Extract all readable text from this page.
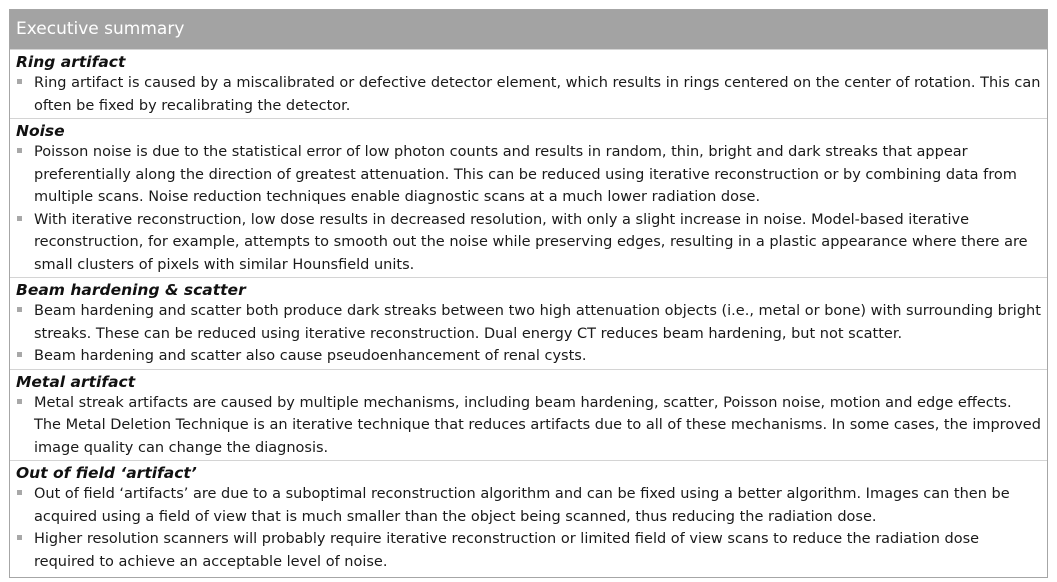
Executive summary
Ring artifact
Ring artifact is caused by a miscalibrated or defective detector element, which results in rings centered on the center of rotation. This can often be fixed by recalibrating the detector.
Noise
Poisson noise is due to the statistical error of low photon counts and results in random, thin, bright and dark streaks that appear preferentially along the direction of greatest attenuation. This can be reduced using iterative reconstruction or by combining data from multiple scans. Noise reduction techniques enable diagnostic scans at a much lower radiation dose.
With iterative reconstruction, low dose results in decreased resolution, with only a slight increase in noise. Model-based iterative reconstruction, for example, attempts to smooth out the noise while preserving edges, resulting in a plastic appearance where there are small clusters of pixels with similar Hounsfield units.
Beam hardening & scatter
Beam hardening and scatter both produce dark streaks between two high attenuation objects (i.e., metal or bone) with surrounding bright streaks. These can be reduced using iterative reconstruction. Dual energy CT reduces beam hardening, but not scatter.
Beam hardening and scatter also cause pseudoenhancement of renal cysts.
Metal artifact
Metal streak artifacts are caused by multiple mechanisms, including beam hardening, scatter, Poisson noise, motion and edge effects. The Metal Deletion Technique is an iterative technique that reduces artifacts due to all of these mechanisms. In some cases, the improved image quality can change the diagnosis.
Out of field ‘artifact’
Out of field ‘artifacts’ are due to a suboptimal reconstruction algorithm and can be fixed using a better algorithm. Images can then be acquired using a field of view that is much smaller than the object being scanned, thus reducing the radiation dose.
Higher resolution scanners will probably require iterative reconstruction or limited field of view scans to reduce the radiation dose required to achieve an acceptable level of noise.
